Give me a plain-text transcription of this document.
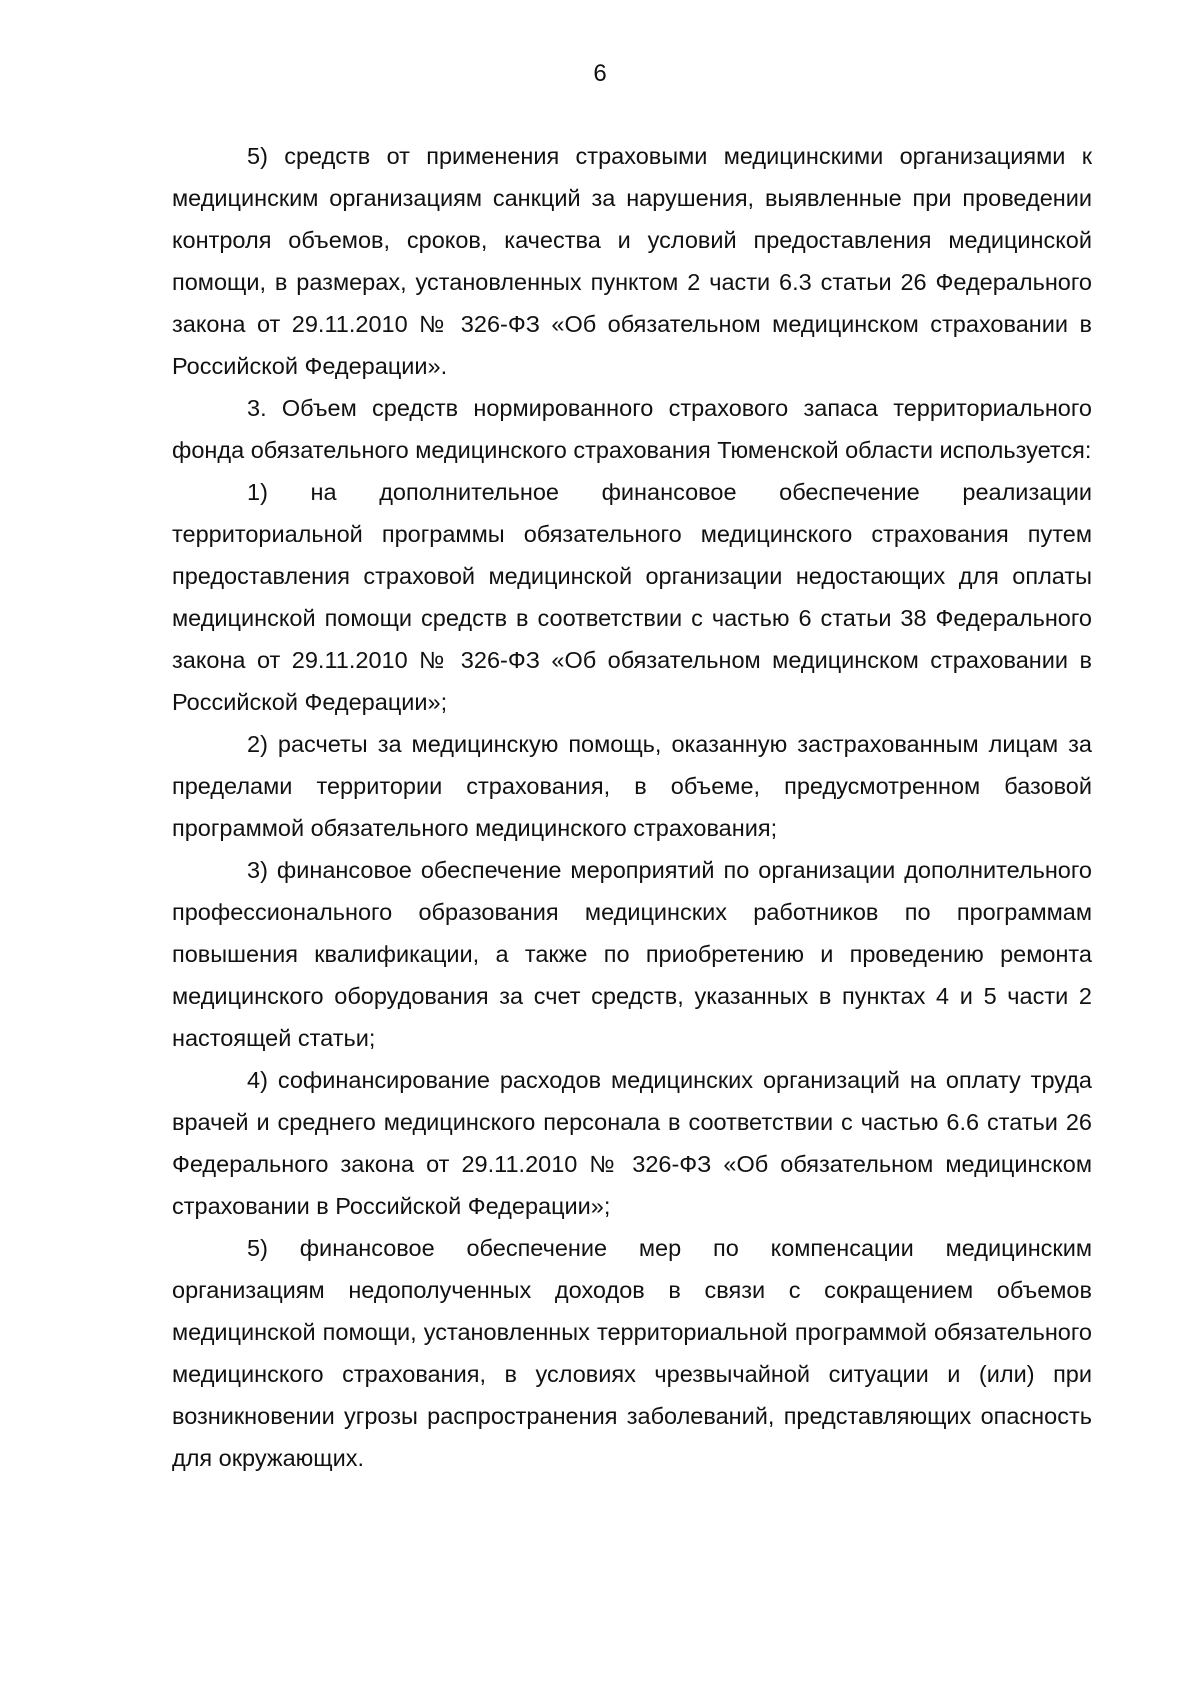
6

5) средств от применения страховыми медицинскими организациями к медицинским организациям санкций за нарушения, выявленные при проведении контроля объемов, сроков, качества и условий предоставления медицинской помощи, в размерах, установленных пунктом 2 части 6.3 статьи 26 Федерального закона от 29.11.2010 № 326-ФЗ «Об обязательном медицинском страховании в Российской Федерации».

3. Объем средств нормированного страхового запаса территориального фонда обязательного медицинского страхования Тюменской области используется:

1) на дополнительное финансовое обеспечение реализации территориальной программы обязательного медицинского страхования путем предоставления страховой медицинской организации недостающих для оплаты медицинской помощи средств в соответствии с частью 6 статьи 38 Федерального закона от 29.11.2010 № 326-ФЗ «Об обязательном медицинском страховании в Российской Федерации»;

2) расчеты за медицинскую помощь, оказанную застрахованным лицам за пределами территории страхования, в объеме, предусмотренном базовой программой обязательного медицинского страхования;

3) финансовое обеспечение мероприятий по организации дополнительного профессионального образования медицинских работников по программам повышения квалификации, а также по приобретению и проведению ремонта медицинского оборудования за счет средств, указанных в пунктах 4 и 5 части 2 настоящей статьи;

4) софинансирование расходов медицинских организаций на оплату труда врачей и среднего медицинского персонала в соответствии с частью 6.6 статьи 26 Федерального закона от 29.11.2010 № 326-ФЗ «Об обязательном медицинском страховании в Российской Федерации»;

5) финансовое обеспечение мер по компенсации медицинским организациям недополученных доходов в связи с сокращением объемов медицинской помощи, установленных территориальной программой обязательного медицинского страхования, в условиях чрезвычайной ситуации и (или) при возникновении угрозы распространения заболеваний, представляющих опасность для окружающих.
